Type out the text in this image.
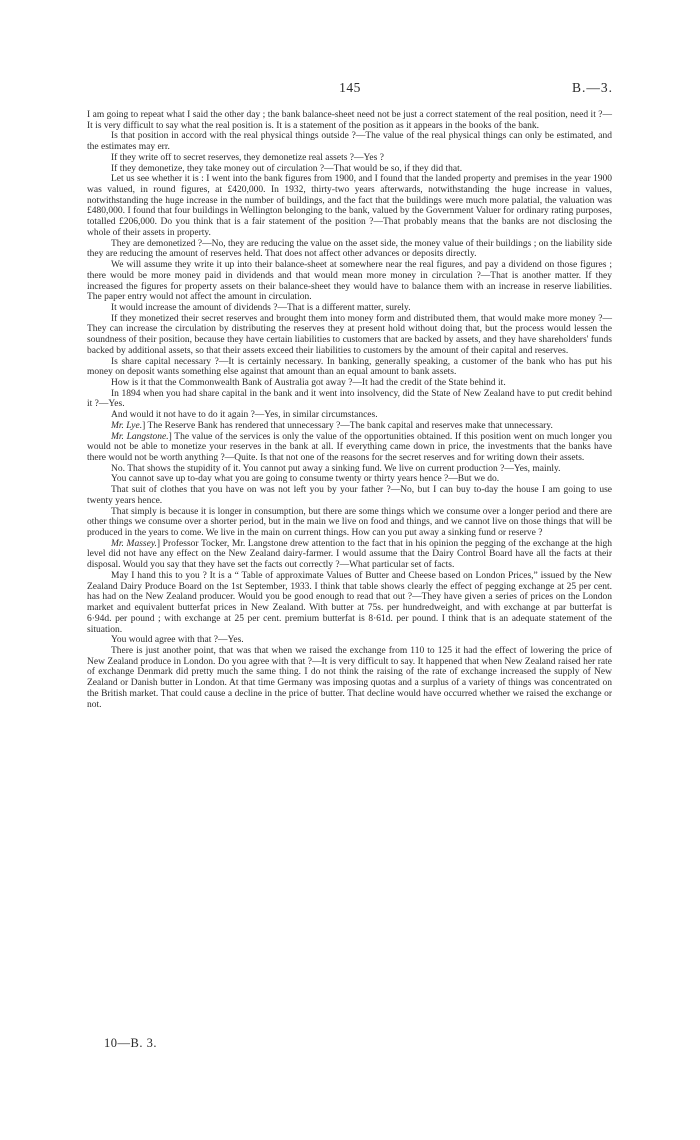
145	B.—3.

I am going to repeat what I said the other day ; the bank balance-sheet need not be just a correct statement of the real position, need it ?—It is very difficult to say what the real position is. It is a statement of the position as it appears in the books of the bank.

Is that position in accord with the real physical things outside ?—The value of the real physical things can only be estimated, and the estimates may err.

If they write off to secret reserves, they demonetize real assets ?—Yes ?

If they demonetize, they take money out of circulation ?—That would be so, if they did that.

Let us see whether it is : I went into the bank figures from 1900, and I found that the landed property and premises in the year 1900 was valued, in round figures, at £420,000. In 1932, thirty-two years afterwards, notwithstanding the huge increase in values, notwithstanding the huge increase in the number of buildings, and the fact that the buildings were much more palatial, the valuation was £480,000. I found that four buildings in Wellington belonging to the bank, valued by the Government Valuer for ordinary rating purposes, totalled £206,000. Do you think that is a fair statement of the position ?—That probably means that the banks are not disclosing the whole of their assets in property.

They are demonetized ?—No, they are reducing the value on the asset side, the money value of their buildings ; on the liability side they are reducing the amount of reserves held. That does not affect other advances or deposits directly.

We will assume they write it up into their balance-sheet at somewhere near the real figures, and pay a dividend on those figures ; there would be more money paid in dividends and that would mean more money in circulation ?—That is another matter. If they increased the figures for property assets on their balance-sheet they would have to balance them with an increase in reserve liabilities. The paper entry would not affect the amount in circulation.

It would increase the amount of dividends ?—That is a different matter, surely.

If they monetized their secret reserves and brought them into money form and distributed them, that would make more money ?—They can increase the circulation by distributing the reserves they at present hold without doing that, but the process would lessen the soundness of their position, because they have certain liabilities to customers that are backed by assets, and they have shareholders' funds backed by additional assets, so that their assets exceed their liabilities to customers by the amount of their capital and reserves.

Is share capital necessary ?—It is certainly necessary. In banking, generally speaking, a customer of the bank who has put his money on deposit wants something else against that amount than an equal amount to bank assets.

How is it that the Commonwealth Bank of Australia got away ?—It had the credit of the State behind it.

In 1894 when you had share capital in the bank and it went into insolvency, did the State of New Zealand have to put credit behind it ?—Yes.

And would it not have to do it again ?—Yes, in similar circumstances.

Mr. Lye.] The Reserve Bank has rendered that unnecessary ?—The bank capital and reserves make that unnecessary.

Mr. Langstone.] The value of the services is only the value of the opportunities obtained. If this position went on much longer you would not be able to monetize your reserves in the bank at all. If everything came down in price, the investments that the banks have there would not be worth anything ?—Quite. Is that not one of the reasons for the secret reserves and for writing down their assets.

No. That shows the stupidity of it. You cannot put away a sinking fund. We live on current production ?—Yes, mainly.

You cannot save up to-day what you are going to consume twenty or thirty years hence ?—But we do.

That suit of clothes that you have on was not left you by your father ?—No, but I can buy to-day the house I am going to use twenty years hence.

That simply is because it is longer in consumption, but there are some things which we consume over a longer period and there are other things we consume over a shorter period, but in the main we live on food and things, and we cannot live on those things that will be produced in the years to come. We live in the main on current things. How can you put away a sinking fund or reserve ?

Mr. Massey.] Professor Tocker, Mr. Langstone drew attention to the fact that in his opinion the pegging of the exchange at the high level did not have any effect on the New Zealand dairy-farmer. I would assume that the Dairy Control Board have all the facts at their disposal. Would you say that they have set the facts out correctly ?—What particular set of facts.

May I hand this to you ? It is a “ Table of approximate Values of Butter and Cheese based on London Prices,” issued by the New Zealand Dairy Produce Board on the 1st September, 1933. I think that table shows clearly the effect of pegging exchange at 25 per cent. has had on the New Zealand producer. Would you be good enough to read that out ?—They have given a series of prices on the London market and equivalent butterfat prices in New Zealand. With butter at 75s. per hundredweight, and with exchange at par butterfat is 6·94d. per pound ; with exchange at 25 per cent. premium butterfat is 8·61d. per pound. I think that is an adequate statement of the situation.

You would agree with that ?—Yes.

There is just another point, that was that when we raised the exchange from 110 to 125 it had the effect of lowering the price of New Zealand produce in London. Do you agree with that ?—It is very difficult to say. It happened that when New Zealand raised her rate of exchange Denmark did pretty much the same thing. I do not think the raising of the rate of exchange increased the supply of New Zealand or Danish butter in London. At that time Germany was imposing quotas and a surplus of a variety of things was concentrated on the British market. That could cause a decline in the price of butter. That decline would have occurred whether we raised the exchange or not.

10—B. 3.
